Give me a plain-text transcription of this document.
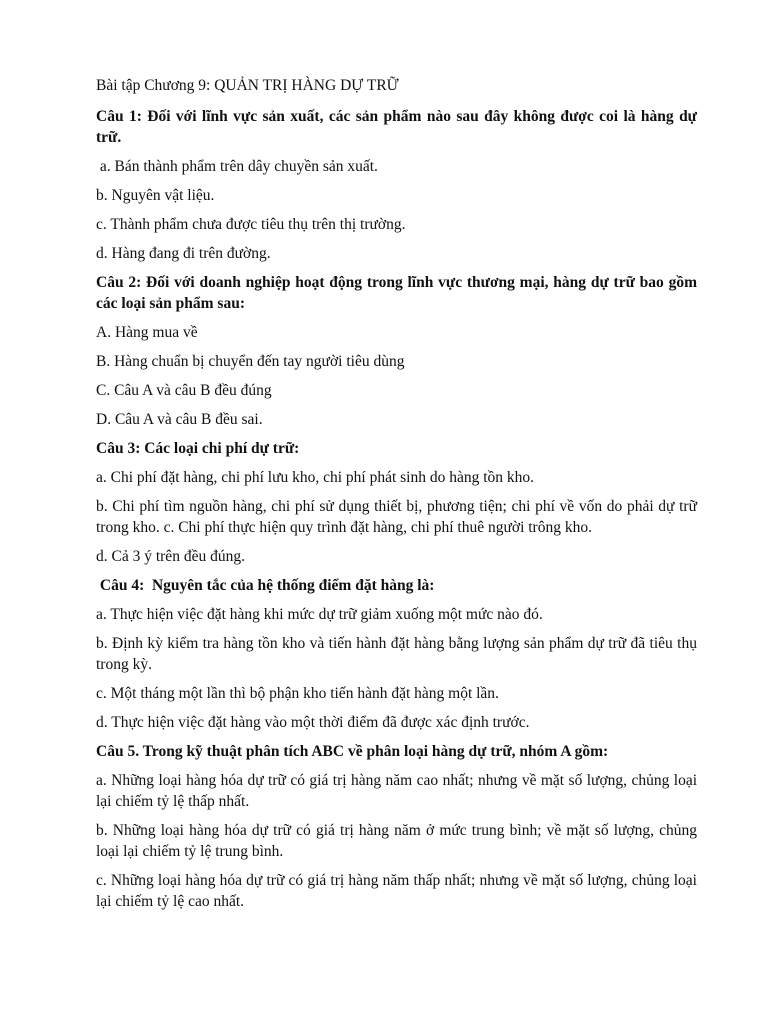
Bài tập Chương 9: QUẢN TRỊ HÀNG DỰ TRỮ
Câu 1: Đối với lĩnh vực sản xuất, các sản phẩm nào sau đây không được coi là hàng dự trữ.
a. Bán thành phẩm trên dây chuyền sản xuất.
b. Nguyên vật liệu.
c. Thành phẩm chưa được tiêu thụ trên thị trường.
d. Hàng đang đi trên đường.
Câu 2: Đối với doanh nghiệp hoạt động trong lĩnh vực thương mại, hàng dự trữ bao gồm các loại sản phẩm sau:
A. Hàng mua về
B. Hàng chuẩn bị chuyển đến tay người tiêu dùng
C. Câu A và câu B đều đúng
D. Câu A và câu B đều sai.
Câu 3: Các loại chi phí dự trữ:
a. Chi phí đặt hàng, chi phí lưu kho, chi phí phát sinh do hàng tồn kho.
b. Chi phí tìm nguồn hàng, chi phí sử dụng thiết bị, phương tiện; chi phí về vốn do phải dự trữ trong kho. c. Chi phí thực hiện quy trình đặt hàng, chi phí thuê người trông kho.
d. Cả 3 ý trên đều đúng.
Câu 4:  Nguyên tắc của hệ thống điểm đặt hàng là:
a. Thực hiện việc đặt hàng khi mức dự trữ giảm xuống một mức nào đó.
b. Định kỳ kiểm tra hàng tồn kho và tiến hành đặt hàng bằng lượng sản phẩm dự trữ đã tiêu thụ trong kỳ.
c. Một tháng một lần thì bộ phận kho tiến hành đặt hàng một lần.
d. Thực hiện việc đặt hàng vào một thời điểm đã được xác định trước.
Câu 5. Trong kỹ thuật phân tích ABC về phân loại hàng dự trữ, nhóm A gồm:
a. Những loại hàng hóa dự trữ có giá trị hàng năm cao nhất; nhưng về mặt số lượng, chủng loại lại chiếm tỷ lệ thấp nhất.
b. Những loại hàng hóa dự trữ có giá trị hàng năm ở mức trung bình; về mặt số lượng, chủng loại lại chiếm tỷ lệ trung bình.
c. Những loại hàng hóa dự trữ có giá trị hàng năm thấp nhất; nhưng về mặt số lượng, chủng loại lại chiếm tỷ lệ cao nhất.
